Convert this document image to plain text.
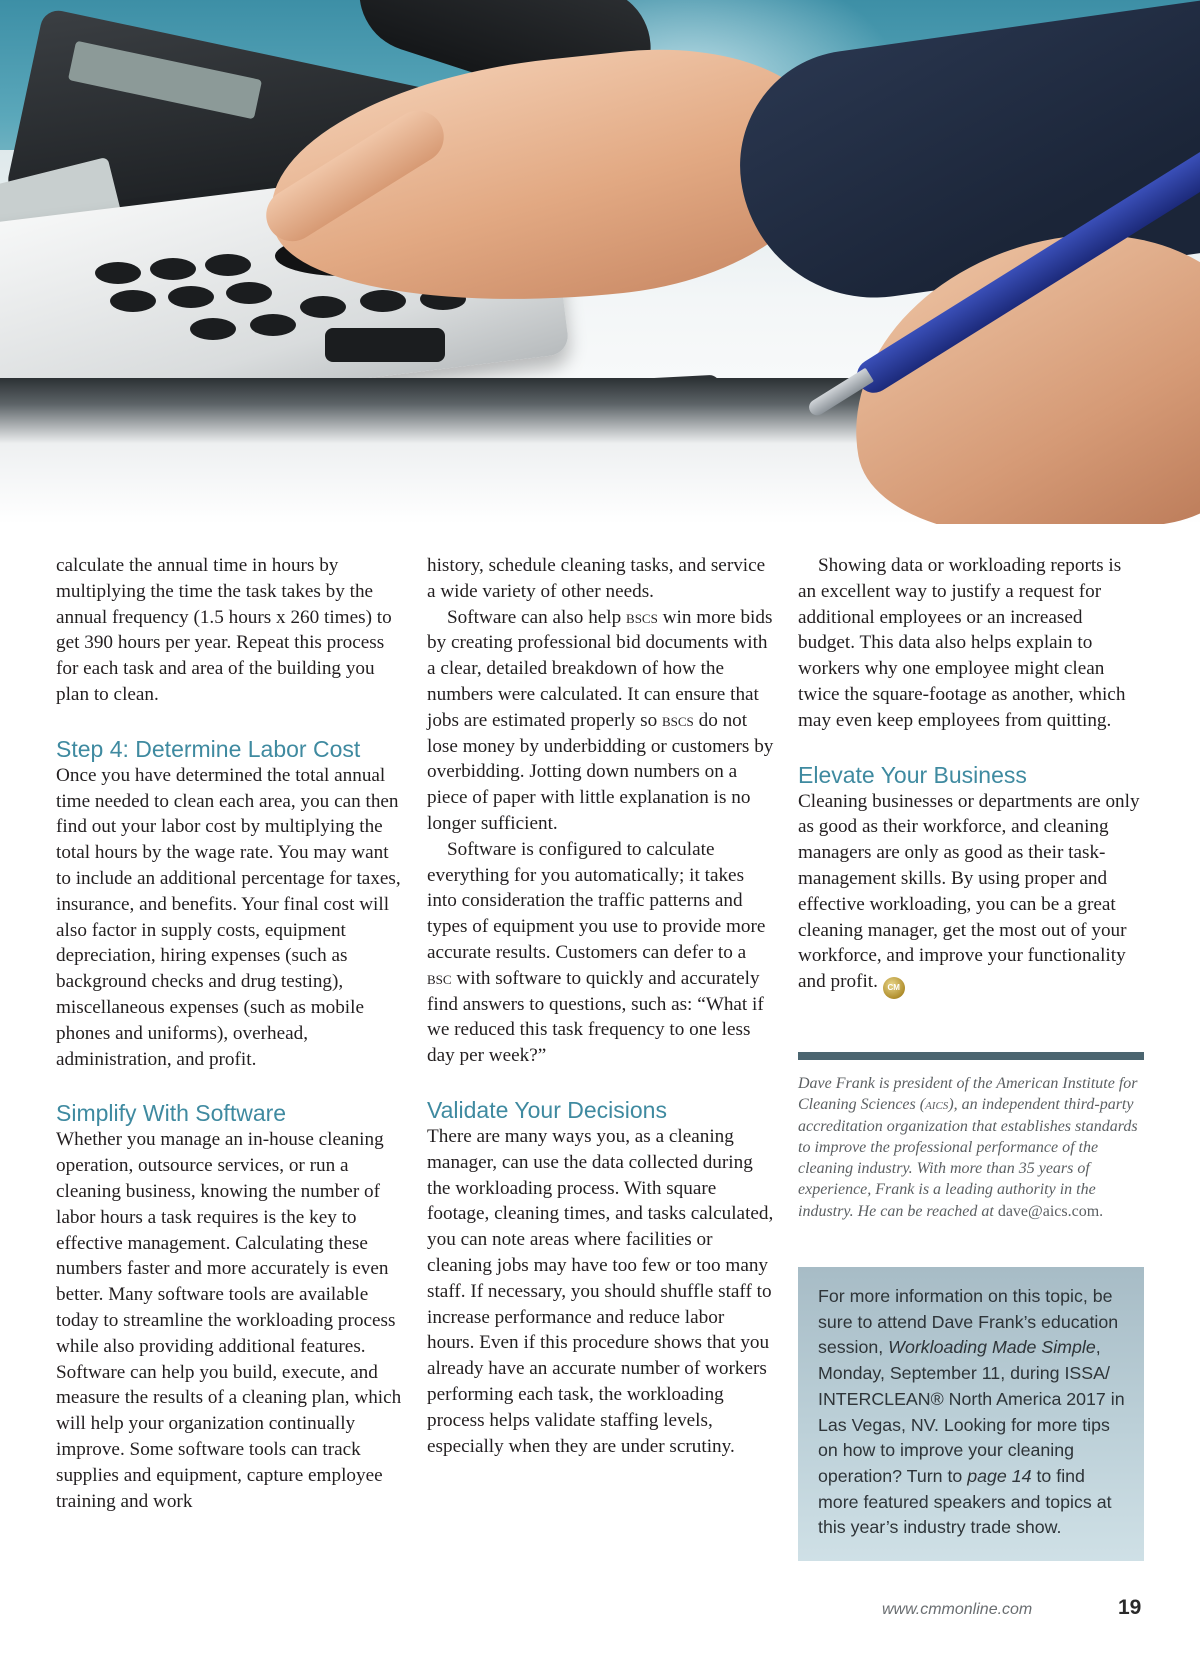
calculate the annual time in hours by multiplying the time the task takes by the annual frequency (1.5 hours x 260 times) to get 390 hours per year. Repeat this process for each task and area of the building you plan to clean.

Step 4: Determine Labor Cost

Once you have determined the total annual time needed to clean each area, you can then find out your labor cost by multiplying the total hours by the wage rate. You may want to include an additional percentage for taxes, insurance, and benefits. Your final cost will also factor in supply costs, equipment depreciation, hiring expenses (such as background checks and drug testing), miscellaneous expenses (such as mobile phones and uniforms), overhead, administration, and profit.

Simplify With Software

Whether you manage an in-house cleaning operation, outsource services, or run a cleaning business, knowing the number of labor hours a task requires is the key to effective management. Calculating these numbers faster and more accurately is even better. Many software tools are available today to streamline the workloading process while also providing additional features. Software can help you build, execute, and measure the results of a cleaning plan, which will help your organization continually improve. Some software tools can track supplies and equipment, capture employee training and work

history, schedule cleaning tasks, and service a wide variety of other needs.

Software can also help bscs win more bids by creating professional bid documents with a clear, detailed breakdown of how the numbers were calculated. It can ensure that jobs are estimated properly so bscs do not lose money by underbidding or customers by overbidding. Jotting down numbers on a piece of paper with little explanation is no longer sufficient.

Software is configured to calculate everything for you automatically; it takes into consideration the traffic patterns and types of equipment you use to provide more accurate results. Customers can defer to a bsc with software to quickly and accurately find answers to questions, such as: “What if we reduced this task frequency to one less day per week?”

Validate Your Decisions

There are many ways you, as a cleaning manager, can use the data collected during the workloading process. With square footage, cleaning times, and tasks calculated, you can note areas where facilities or cleaning jobs may have too few or too many staff. If necessary, you should shuffle staff to increase performance and reduce labor hours. Even if this procedure shows that you already have an accurate number of workers performing each task, the workloading process helps validate staffing levels, especially when they are under scrutiny.

Showing data or workloading reports is an excellent way to justify a request for additional employees or an increased budget. This data also helps explain to workers why one employee might clean twice the square-footage as another, which may even keep employees from quitting.

Elevate Your Business

Cleaning businesses or departments are only as good as their workforce, and cleaning managers are only as good as their task-management skills. By using proper and effective workloading, you can be a great cleaning manager, get the most out of your workforce, and improve your functionality and profit. CM

Dave Frank is president of the American Institute for Cleaning Sciences (aics), an independent third-party accreditation organization that establishes standards to improve the professional performance of the cleaning industry. With more than 35 years of experience, Frank is a leading authority in the industry. He can be reached at dave@aics.com.
For more information on this topic, be sure to attend Dave Frank’s education session, Workloading Made Simple, Monday, September 11, during ISSA/ INTERCLEAN® North America 2017 in Las Vegas, NV. Looking for more tips on how to improve your cleaning operation? Turn to page 14 to find more featured speakers and topics at this year’s industry trade show.
www.cmmonline.com	19
